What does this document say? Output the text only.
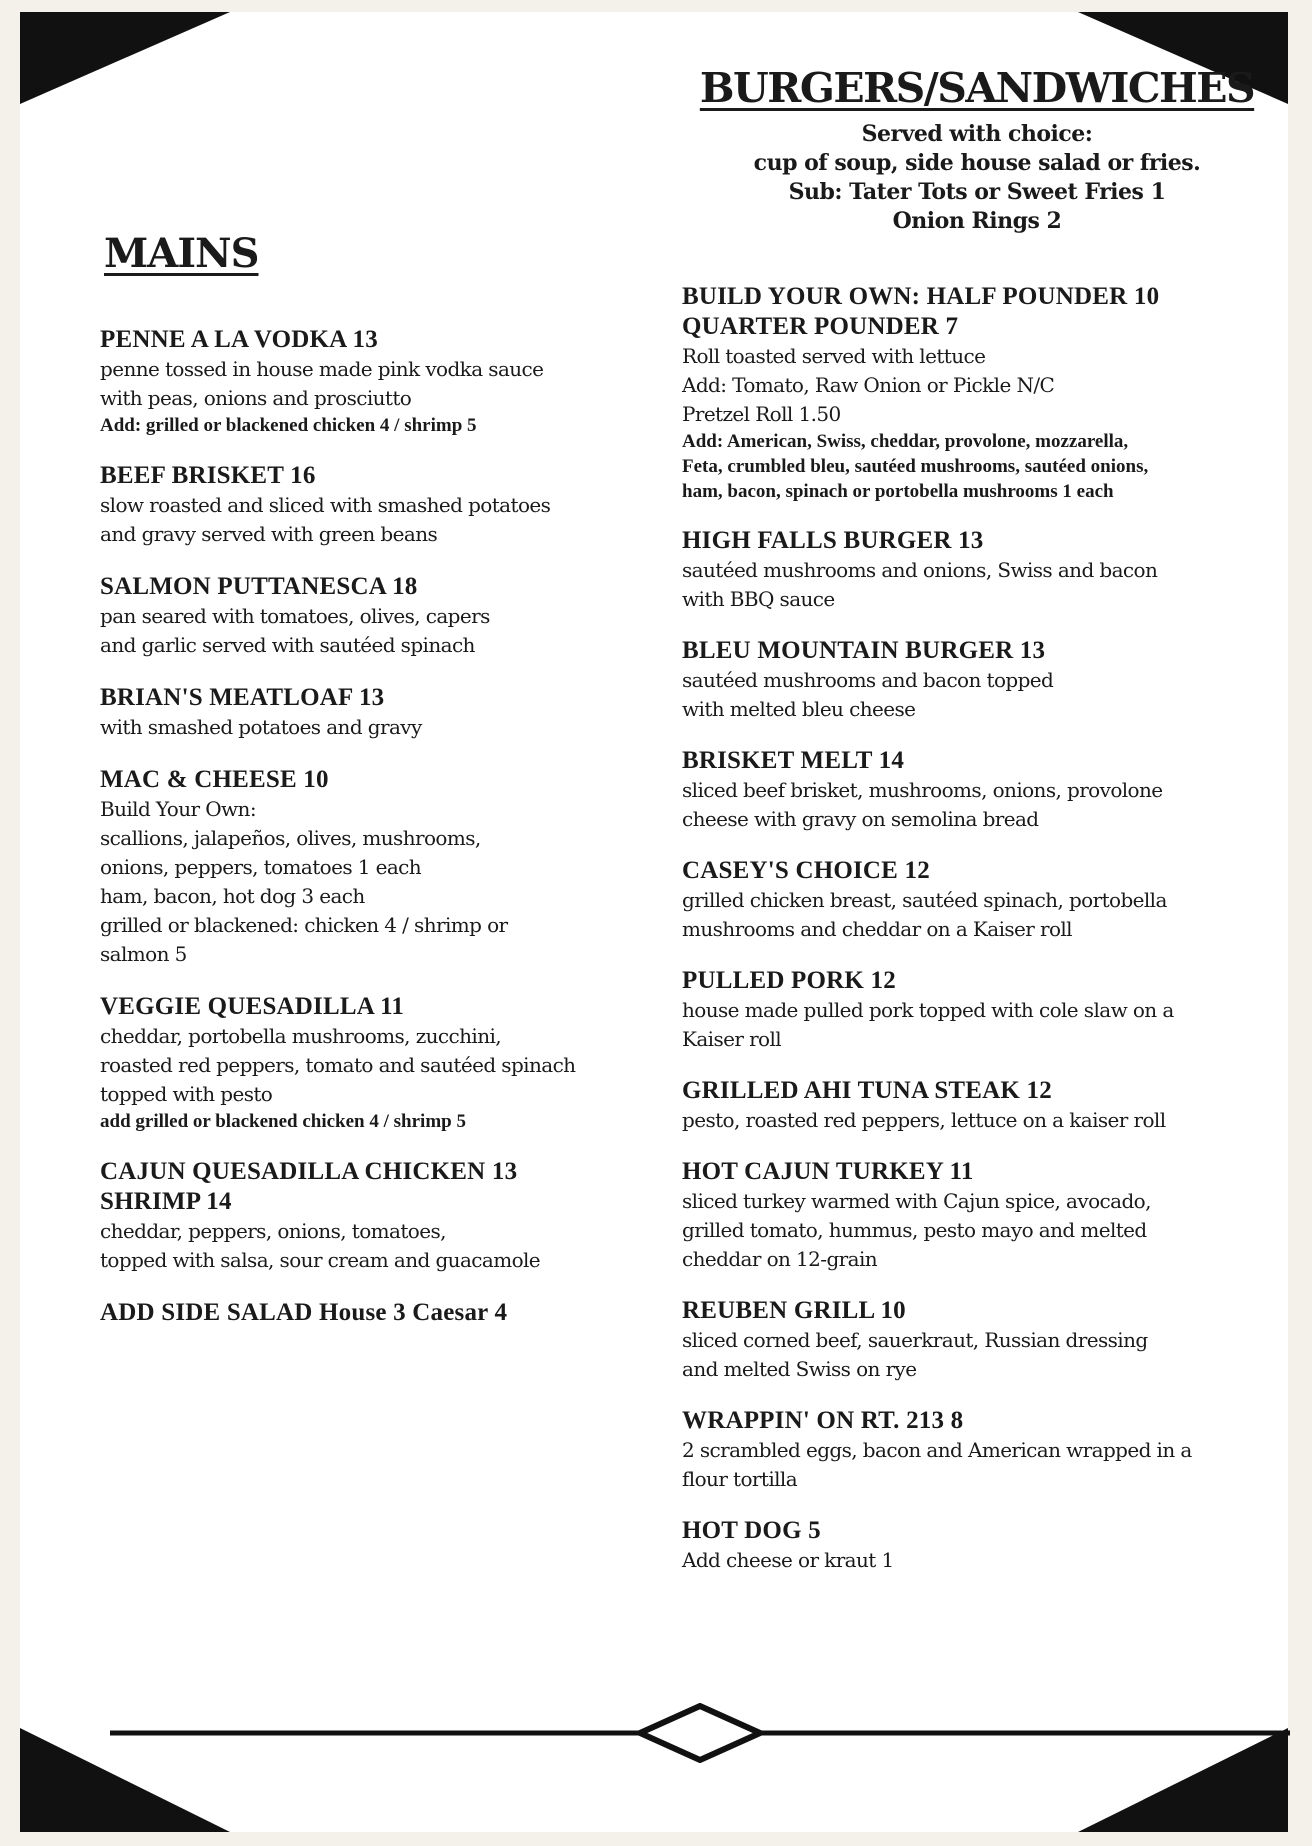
MAINS
PENNE A LA VODKA 13
penne tossed in house made pink vodka sauce
with peas, onions and prosciutto
Add: grilled or blackened chicken 4 / shrimp 5
BEEF BRISKET 16
slow roasted and sliced with smashed potatoes
and gravy served with green beans
SALMON PUTTANESCA 18
pan seared with tomatoes, olives, capers
and garlic served with sautéed spinach
BRIAN'S MEATLOAF 13
with smashed potatoes and gravy
MAC & CHEESE 10
Build Your Own:
scallions, jalapeños, olives, mushrooms,
onions, peppers, tomatoes 1 each
ham, bacon, hot dog 3 each
grilled or blackened: chicken 4 / shrimp or
salmon 5
VEGGIE QUESADILLA 11
cheddar, portobella mushrooms, zucchini,
roasted red peppers, tomato and sautéed spinach
topped with pesto
add grilled or blackened chicken 4 / shrimp 5
CAJUN QUESADILLA CHICKEN 13
SHRIMP 14
cheddar, peppers, onions, tomatoes,
topped with salsa, sour cream and guacamole
ADD SIDE SALAD House 3 Caesar 4
BURGERS/SANDWICHES
Served with choice:
cup of soup, side house salad or fries.
Sub: Tater Tots or Sweet Fries 1
Onion Rings 2
BUILD YOUR OWN: HALF POUNDER 10
QUARTER POUNDER 7
Roll toasted served with lettuce
Add: Tomato, Raw Onion or Pickle N/C
Pretzel Roll 1.50
Add: American, Swiss, cheddar, provolone, mozzarella,
Feta, crumbled bleu, sautéed mushrooms, sautéed onions,
ham, bacon, spinach or portobella mushrooms 1 each
HIGH FALLS BURGER 13
sautéed mushrooms and onions, Swiss and bacon
with BBQ sauce
BLEU MOUNTAIN BURGER 13
sautéed mushrooms and bacon topped
with melted bleu cheese
BRISKET MELT 14
sliced beef brisket, mushrooms, onions, provolone
cheese with gravy on semolina bread
CASEY'S CHOICE 12
grilled chicken breast, sautéed spinach, portobella
mushrooms and cheddar on a Kaiser roll
PULLED PORK 12
house made pulled pork topped with cole slaw on a
Kaiser roll
GRILLED AHI TUNA STEAK 12
pesto, roasted red peppers, lettuce on a kaiser roll
HOT CAJUN TURKEY 11
sliced turkey warmed with Cajun spice, avocado,
grilled tomato, hummus, pesto mayo and melted
cheddar on 12-grain
REUBEN GRILL 10
sliced corned beef, sauerkraut, Russian dressing
and melted Swiss on rye
WRAPPIN' ON RT. 213 8
2 scrambled eggs, bacon and American wrapped in a
flour tortilla
HOT DOG 5
Add cheese or kraut 1
